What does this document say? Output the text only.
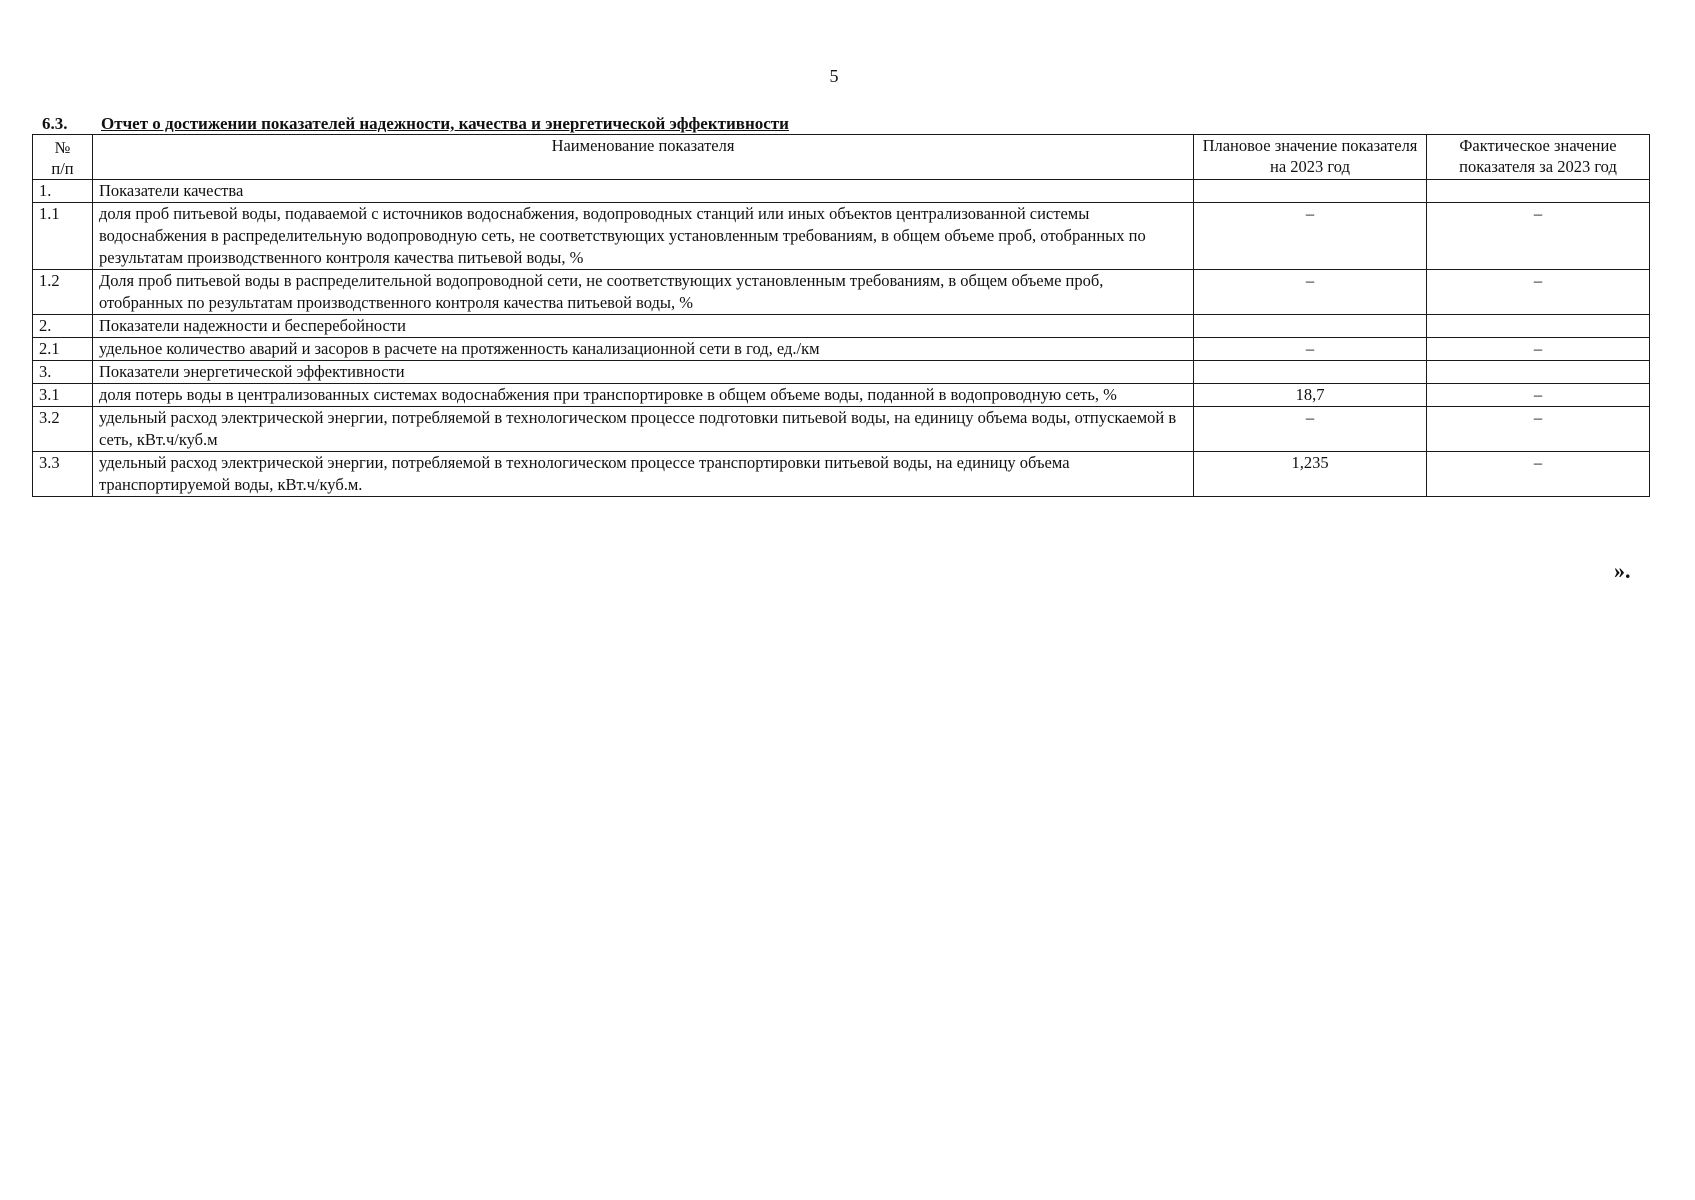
5
6.3. Отчет о достижении показателей надежности, качества и энергетической эффективности
№
п/п	Наименование показателя	Плановое значение показателя на 2023 год	Фактическое значение показателя за 2023 год
1.	Показатели качества		
1.1	доля проб питьевой воды, подаваемой с источников водоснабжения, водопроводных станций или иных объектов централизованной системы водоснабжения в распределительную водопроводную сеть, не соответствующих установленным требованиям, в общем объеме проб, отобранных по результатам производственного контроля качества питьевой воды, %	–	–
1.2	Доля проб питьевой воды в распределительной водопроводной сети, не соответствующих установленным требованиям, в общем объеме проб, отобранных по результатам производственного контроля качества питьевой воды, %	–	–
2.	Показатели надежности и бесперебойности		
2.1	удельное количество аварий и засоров в расчете на протяженность канализационной сети в год, ед./км	–	–
3.	Показатели энергетической эффективности		
3.1	доля потерь воды в централизованных системах водоснабжения при транспортировке в общем объеме воды, поданной в водопроводную сеть, %	18,7	–
3.2	удельный расход электрической энергии, потребляемой в технологическом процессе подготовки питьевой воды, на единицу объема воды, отпускаемой в сеть, кВт.ч/куб.м	–	–
3.3	удельный расход электрической энергии, потребляемой в технологическом процессе транспортировки питьевой воды, на единицу объема транспортируемой воды, кВт.ч/куб.м.	1,235	–
».
